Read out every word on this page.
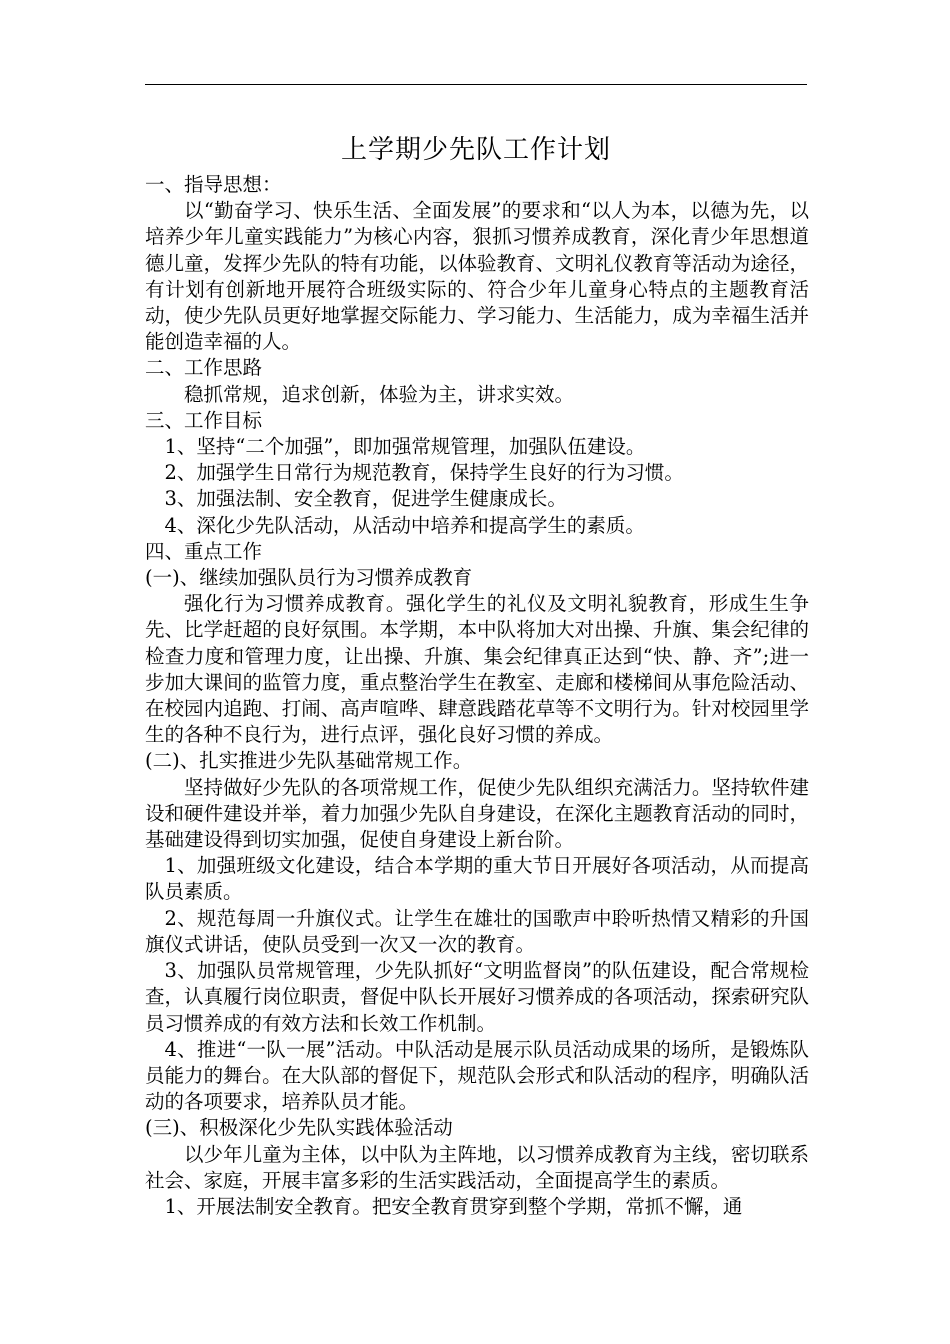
上学期少先队工作计划

一、指导思想：

以“勤奋学习、快乐生活、全面发展”的要求和“以人为本，以德为先，以培养少年儿童实践能力”为核心内容，狠抓习惯养成教育，深化青少年思想道德儿童，发挥少先队的特有功能，以体验教育、文明礼仪教育等活动为途径，有计划有创新地开展符合班级实际的、符合少年儿童身心特点的主题教育活动，使少先队员更好地掌握交际能力、学习能力、生活能力，成为幸福生活并能创造幸福的人。

二、工作思路

稳抓常规，追求创新，体验为主，讲求实效。

三、工作目标

1、坚持“二个加强”，即加强常规管理，加强队伍建设。

2、加强学生日常行为规范教育，保持学生良好的行为习惯。

3、加强法制、安全教育，促进学生健康成长。

4、深化少先队活动，从活动中培养和提高学生的素质。

四、重点工作

(一)、继续加强队员行为习惯养成教育

强化行为习惯养成教育。强化学生的礼仪及文明礼貌教育，形成生生争先、比学赶超的良好氛围。本学期，本中队将加大对出操、升旗、集会纪律的检查力度和管理力度，让出操、升旗、集会纪律真正达到“快、静、齐”;进一步加大课间的监管力度，重点整治学生在教室、走廊和楼梯间从事危险活动、在校园内追跑、打闹、高声喧哗、肆意践踏花草等不文明行为。针对校园里学生的各种不良行为，进行点评，强化良好习惯的养成。

(二)、扎实推进少先队基础常规工作。

坚持做好少先队的各项常规工作，促使少先队组织充满活力。坚持软件建设和硬件建设并举，着力加强少先队自身建设，在深化主题教育活动的同时，基础建设得到切实加强，促使自身建设上新台阶。

1、加强班级文化建设，结合本学期的重大节日开展好各项活动，从而提高队员素质。

2、规范每周一升旗仪式。让学生在雄壮的国歌声中聆听热情又精彩的升国旗仪式讲话，使队员受到一次又一次的教育。

3、加强队员常规管理，少先队抓好“文明监督岗”的队伍建设，配合常规检查，认真履行岗位职责，督促中队长开展好习惯养成的各项活动，探索研究队员习惯养成的有效方法和长效工作机制。

4、推进“一队一展”活动。中队活动是展示队员活动成果的场所，是锻炼队员能力的舞台。在大队部的督促下，规范队会形式和队活动的程序，明确队活动的各项要求，培养队员才能。

(三)、积极深化少先队实践体验活动

以少年儿童为主体，以中队为主阵地，以习惯养成教育为主线，密切联系社会、家庭，开展丰富多彩的生活实践活动，全面提高学生的素质。

1、开展法制安全教育。把安全教育贯穿到整个学期，常抓不懈，通
